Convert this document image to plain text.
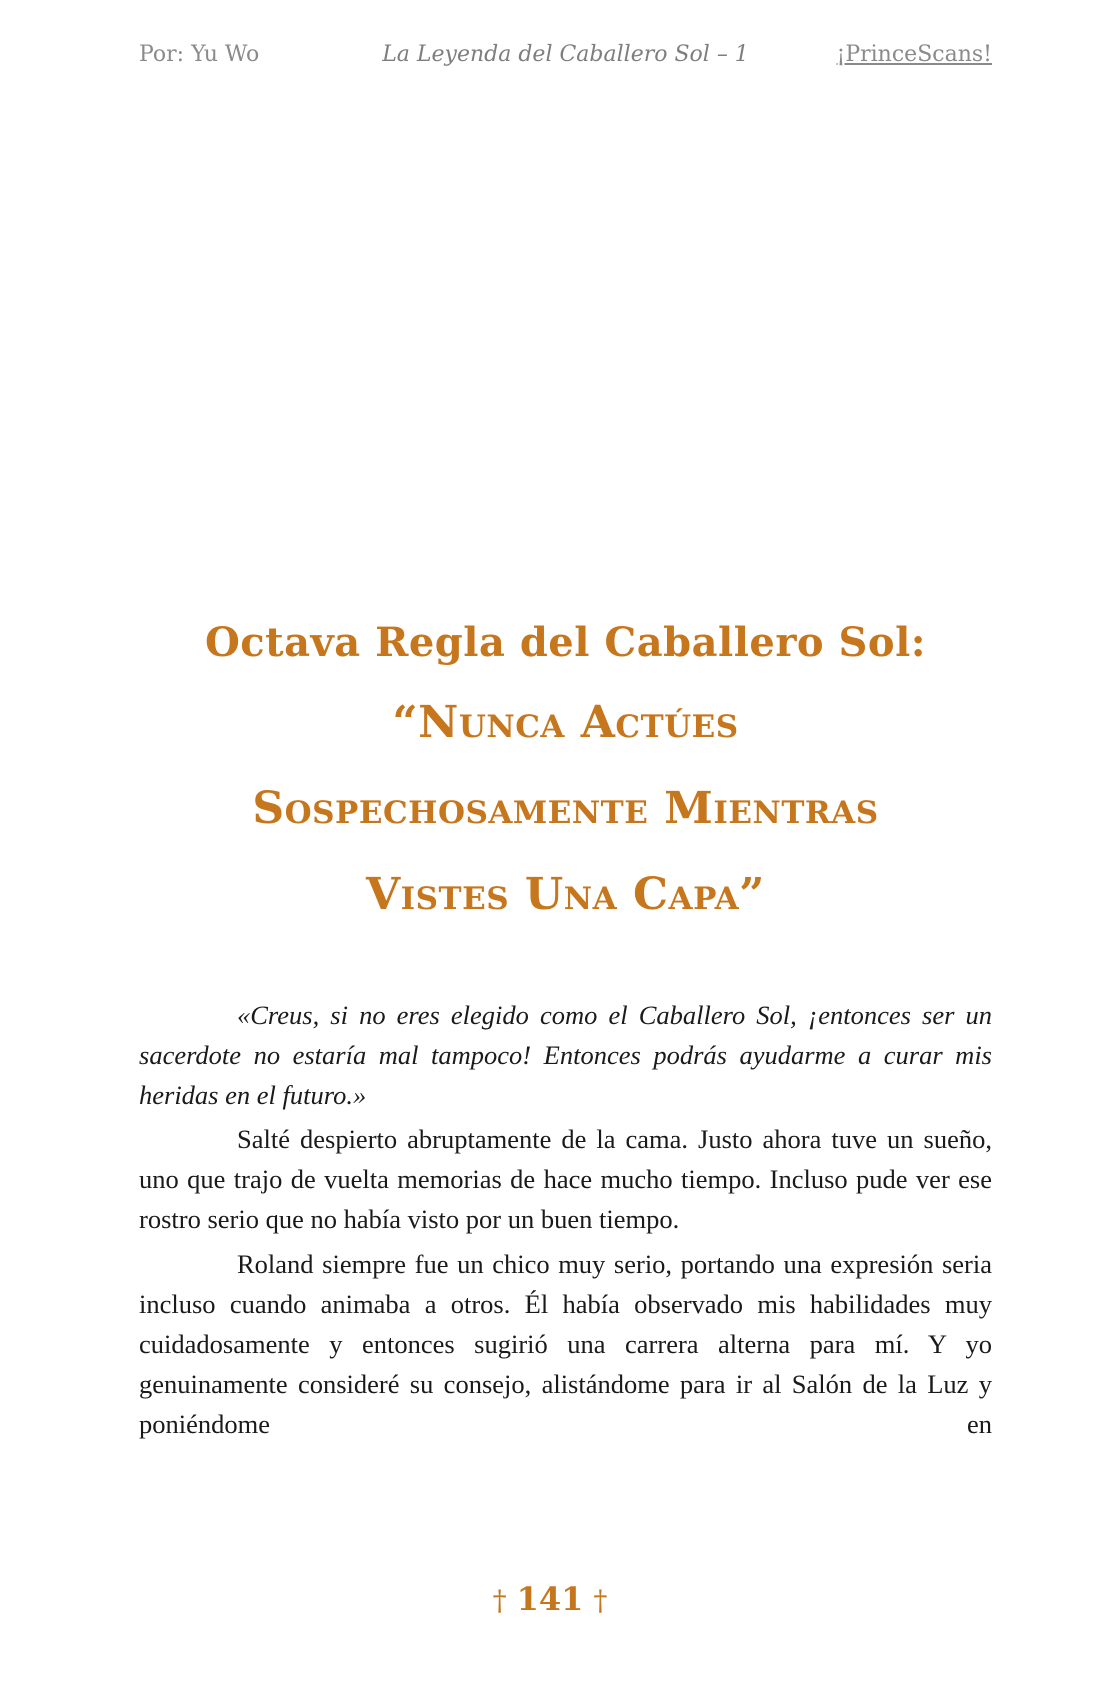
Por: Yu Wo	La Leyenda del Caballero Sol – 1	¡PrinceScans!
Octava Regla del Caballero Sol:
“Nunca Actúes
Sospechosamente Mientras
Vistes Una Capa”

«Creus, si no eres elegido como el Caballero Sol, ¡entonces ser un sacerdote no estaría mal tampoco! Entonces podrás ayudarme a curar mis heridas en el futuro.»

Salté despierto abruptamente de la cama. Justo ahora tuve un sueño, uno que trajo de vuelta memorias de hace mucho tiempo. Incluso pude ver ese rostro serio que no había visto por un buen tiempo.

Roland siempre fue un chico muy serio, portando una expresión seria incluso cuando animaba a otros. Él había observado mis habilidades muy cuidadosamente y entonces sugirió una carrera alterna para mí. Y yo genuinamente consideré su consejo, alistándome para ir al Salón de la Luz y poniéndome en

† 141 †
